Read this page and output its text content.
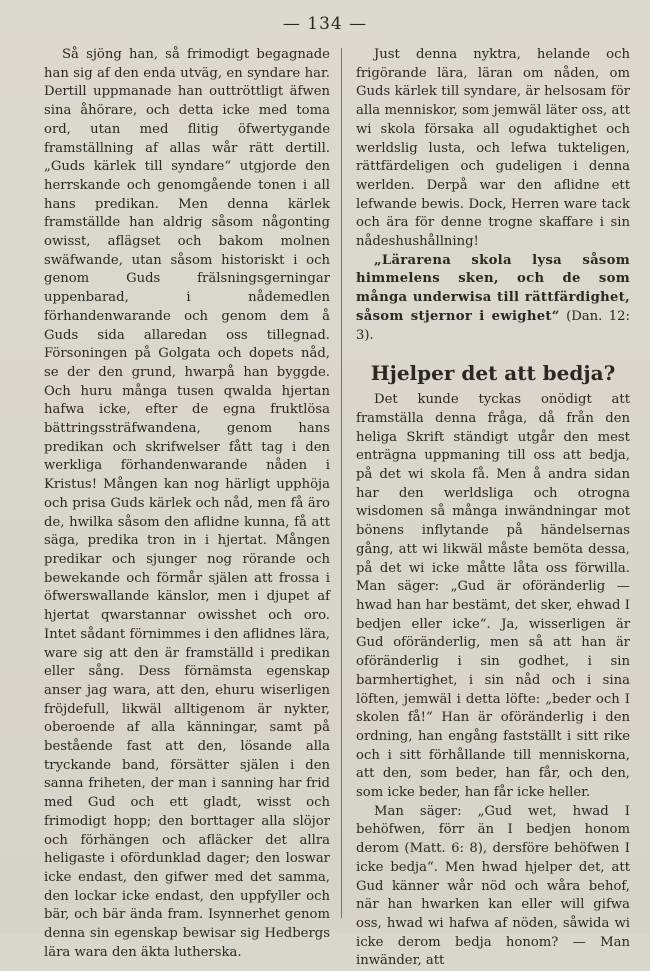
— 134 —

Så sjöng han, så frimodigt begagnade han sig af den enda utväg, en syndare har. Dertill uppmanade han outtröttligt äfwen sina åhörare, och detta icke med toma ord, utan med flitig öfwertygande framställning af allas wår rätt dertill. „Guds kärlek till syndare“ utgjorde den herrskande och genomgående tonen i all hans predikan. Men denna kärlek framställde han aldrig såsom någonting owisst, aflägset och bakom molnen swäfwande, utan såsom historiskt i och genom Guds frälsningsgerningar uppenbarad, i nådemedlen förhandenwarande och genom dem å Guds sida allaredan oss tillegnad. Försoningen på Golgata och dopets nåd, se der den grund, hwarpå han byggde. Och huru många tusen qwalda hjertan hafwa icke, efter de egna fruktlösa bättringssträfwandena, genom hans predikan och skrifwelser fått tag i den werkliga förhandenwarande nåden i Kristus! Mången kan nog härligt upphöja och prisa Guds kärlek och nåd, men få äro de, hwilka såsom den aflidne kunna, få att säga, predika tron in i hjertat. Mången predikar och sjunger nog rörande och bewekande och förmår själen att frossa i öfwerswallande känslor, men i djupet af hjertat qwarstannar owisshet och oro. Intet sådant förnimmes i den aflidnes lära, ware sig att den är framställd i predikan eller sång. Dess förnämsta egenskap anser jag wara, att den, ehuru wiserligen fröjdefull, likwäl alltigenom är nykter, oberoende af alla känningar, samt på bestående fast att den, lösande alla tryckande band, försätter själen i den sanna friheten, der man i sanning har frid med Gud och ett gladt, wisst och frimodigt hopp; den borttager alla slöjor och förhängen och afläcker det allra heligaste i ofördunklad dager; den loswar icke endast, den gifwer med det samma, den lockar icke endast, den uppfyller och bär, och bär ända fram. Isynnerhet genom denna sin egenskap bewisar sig Hedbergs lära wara den äkta lutherska.

Just denna nyktra, helande och frigörande lära, läran om nåden, om Guds kärlek till syndare, är helsosam för alla menniskor, som jemwäl läter oss, att wi skola försaka all ogudaktighet och werldslig lusta, och lefwa tukteligen, rättfärdeligen och gudeligen i denna werlden. Derpå war den aflidne ett lefwande bewis. Dock, Herren ware tack och ära för denne trogne skaffare i sin nådeshushållning!

„Lärarena skola lysa såsom himmelens sken, och de som många underwisa till rättfärdighet, såsom stjernor i ewighet“ (Dan. 12: 3).

Hjelper det att bedja?

Det kunde tyckas onödigt att framställa denna fråga, då från den heliga Skrift ständigt utgår den mest enträgna uppmaning till oss att bedja, på det wi skola få. Men å andra sidan har den werldsliga och otrogna wisdomen så många inwändningar mot bönens inflytande på händelsernas gång, att wi likwäl måste bemöta dessa, på det wi icke måtte låta oss förwilla. Man säger: „Gud är oföränderlig — hwad han har bestämt, det sker, ehwad I bedjen eller icke“. Ja, wisserligen är Gud oföränderlig, men så att han är oföränderlig i sin godhet, i sin barmhertighet, i sin nåd och i sina löften, jemwäl i detta löfte: „beder och I skolen få!“ Han är oföränderlig i den ordning, han engång fastställt i sitt rike och i sitt förhållande till menniskorna, att den, som beder, han får, och den, som icke beder, han får icke heller.

Man säger: „Gud wet, hwad I behöfwen, förr än I bedjen honom derom (Matt. 6: 8), dersföre behöfwen I icke bedja“. Men hwad hjelper det, att Gud känner wår nöd och wåra behof, när han hwarken kan eller will gifwa oss, hwad wi hafwa af nöden, såwida wi icke derom bedja honom? — Man inwänder, att
